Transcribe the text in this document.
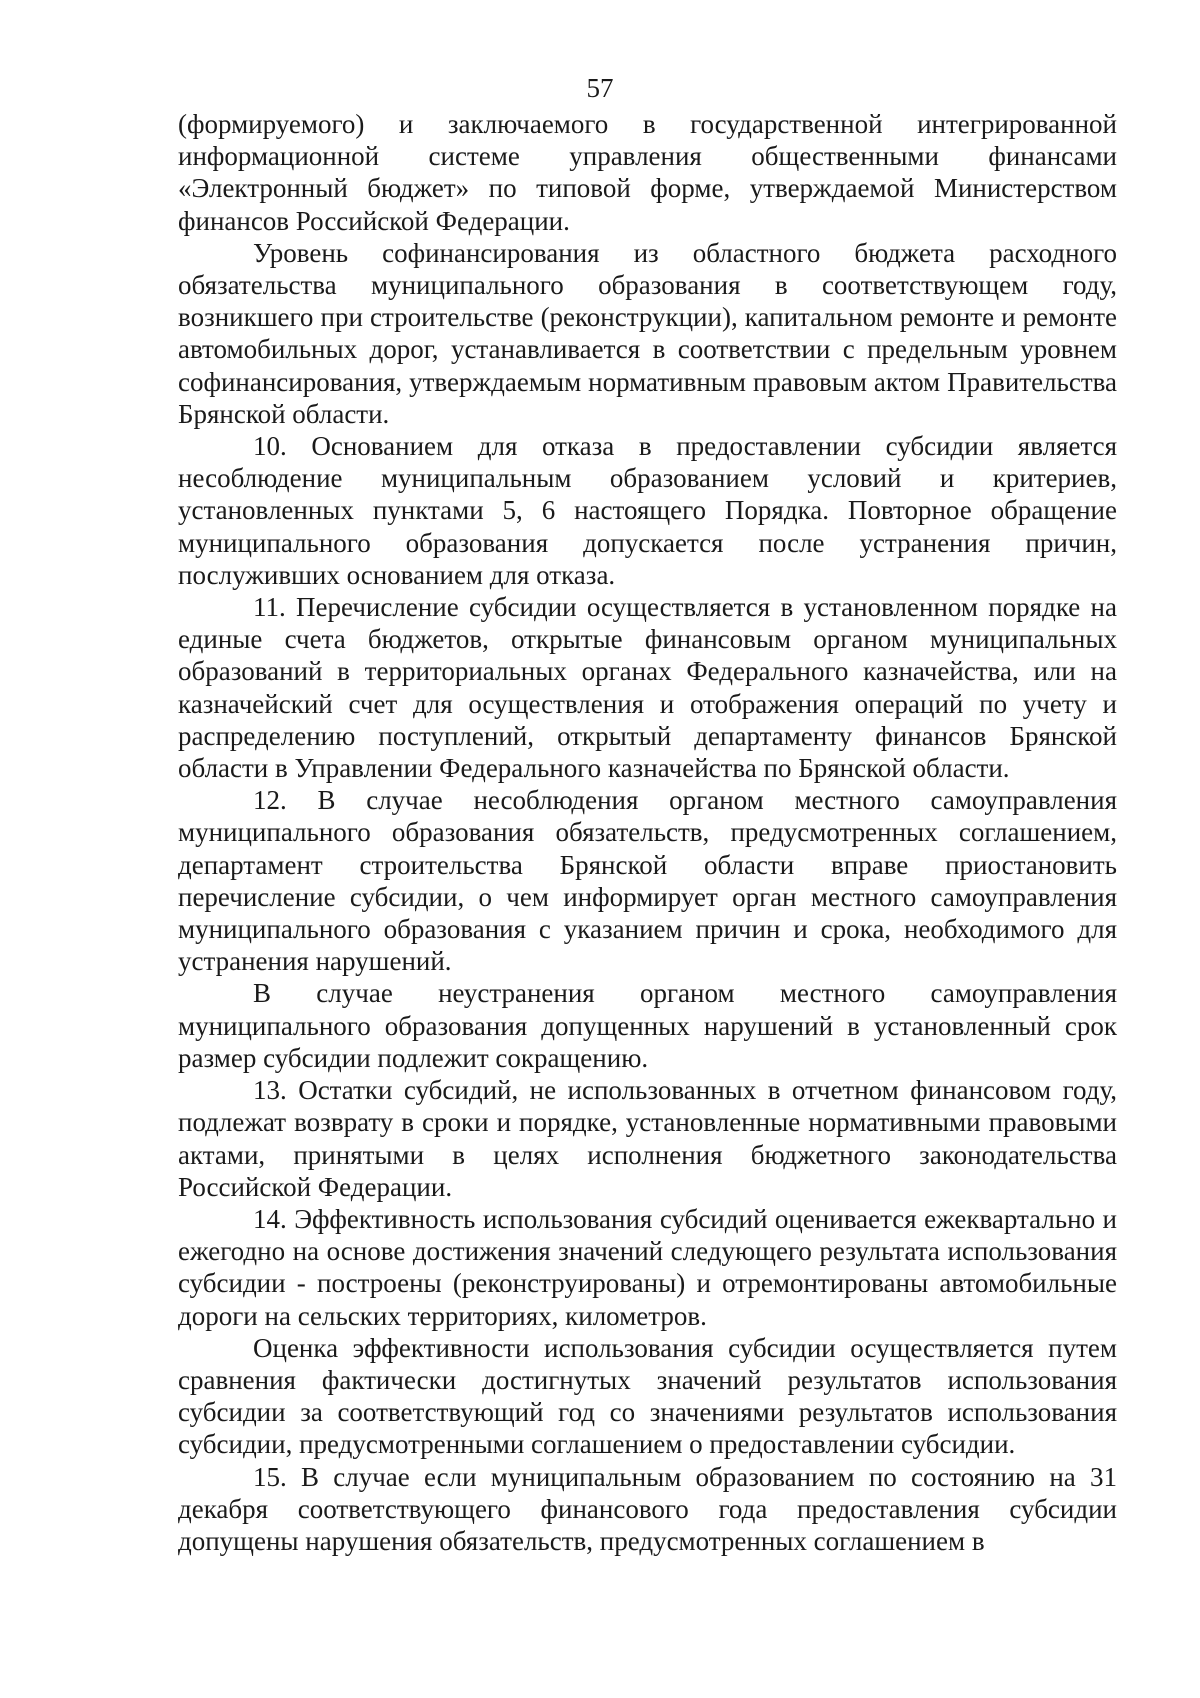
57

(формируемого) и заключаемого в государственной интегрированной информационной системе управления общественными финансами «Электронный бюджет» по типовой форме, утверждаемой Министерством финансов Российской Федерации.

Уровень софинансирования из областного бюджета расходного обязательства муниципального образования в соответствующем году, возникшего при строительстве (реконструкции), капитальном ремонте и ремонте автомобильных дорог, устанавливается в соответствии с предельным уровнем софинансирования, утверждаемым нормативным правовым актом Правительства Брянской области.

10. Основанием для отказа в предоставлении субсидии является несоблюдение муниципальным образованием условий и критериев, установленных пунктами 5, 6 настоящего Порядка. Повторное обращение муниципального образования допускается после устранения причин, послуживших основанием для отказа.

11. Перечисление субсидии осуществляется в установленном порядке на единые счета бюджетов, открытые финансовым органом муниципальных образований в территориальных органах Федерального казначейства, или на казначейский счет для осуществления и отображения операций по учету и распределению поступлений, открытый департаменту финансов Брянской области в Управлении Федерального казначейства по Брянской области.

12. В случае несоблюдения органом местного самоуправления муниципального образования обязательств, предусмотренных соглашением, департамент строительства Брянской области вправе приостановить перечисление субсидии, о чем информирует орган местного самоуправления муниципального образования с указанием причин и срока, необходимого для устранения нарушений.

В случае неустранения органом местного самоуправления муниципального образования допущенных нарушений в установленный срок размер субсидии подлежит сокращению.

13. Остатки субсидий, не использованных в отчетном финансовом году, подлежат возврату в сроки и порядке, установленные нормативными правовыми актами, принятыми в целях исполнения бюджетного законодательства Российской Федерации.

14. Эффективность использования субсидий оценивается ежеквартально и ежегодно на основе достижения значений следующего результата использования субсидии - построены (реконструированы) и отремонтированы автомобильные дороги на сельских территориях, километров.

Оценка эффективности использования субсидии осуществляется путем сравнения фактически достигнутых значений результатов использования субсидии за соответствующий год со значениями результатов использования субсидии, предусмотренными соглашением о предоставлении субсидии.

15. В случае если муниципальным образованием по состоянию на 31 декабря соответствующего финансового года предоставления субсидии допущены нарушения обязательств, предусмотренных соглашением в
